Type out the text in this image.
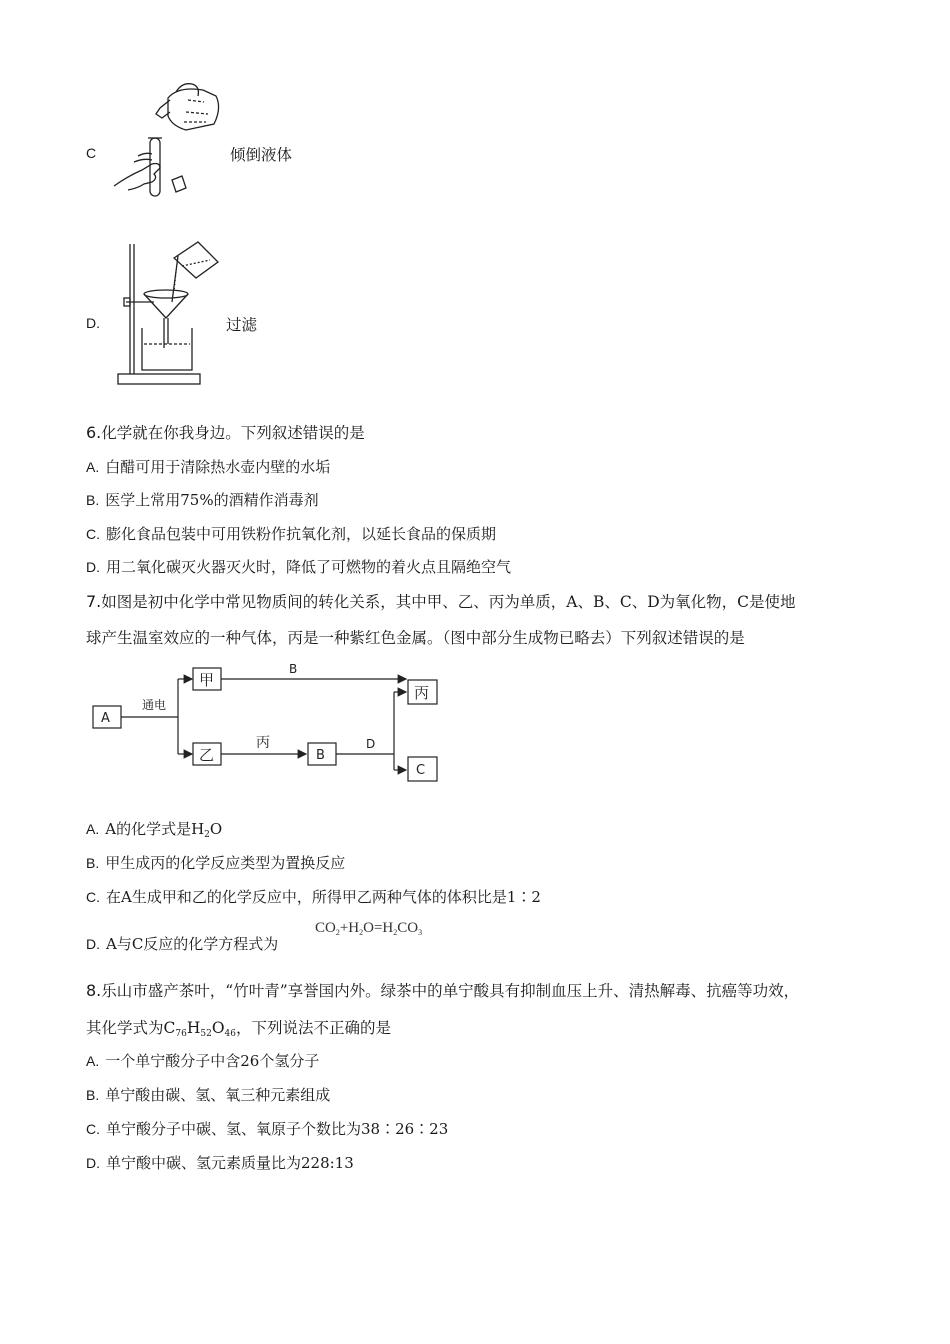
C	倾倒液体
D.	过滤
6.化学就在你我身边。下列叙述错误的是
A. 白醋可用于清除热水壶内壁的水垢
B. 医学上常用75%的酒精作消毒剂
C. 膨化食品包装中可用铁粉作抗氧化剂，以延长食品的保质期
D. 用二氧化碳灭火器灭火时，降低了可燃物的着火点且隔绝空气
7.如图是初中化学中常见物质间的转化关系，其中甲、乙、丙为单质，A、B、C、D为氧化物，C是使地
球产生温室效应的一种气体，丙是一种紫红色金属。（图中部分生成物已略去）下列叙述错误的是
A
甲
乙	B
丙
C
通电
B
丙	D
A. A的化学式是$H_2O$
B. 甲生成丙的化学反应类型为置换反应
C. 在A生成甲和乙的化学反应中，所得甲乙两种气体的体积比是1∶2
D. A与C反应的化学方程式为
$CO_2+H_2O=H_2CO_3$
8.乐山市盛产茶叶，“竹叶青”享誉国内外。绿茶中的单宁酸具有抑制血压上升、清热解毒、抗癌等功效，
其化学式为$C_{76}H_{52}O_{46}$，下列说法不正确的是
A. 一个单宁酸分子中含26个氢分子
B. 单宁酸由碳、氢、氧三种元素组成
C. 单宁酸分子中碳、氢、氧原子个数比为38∶26∶23
D. 单宁酸中碳、氢元素质量比为228:13
